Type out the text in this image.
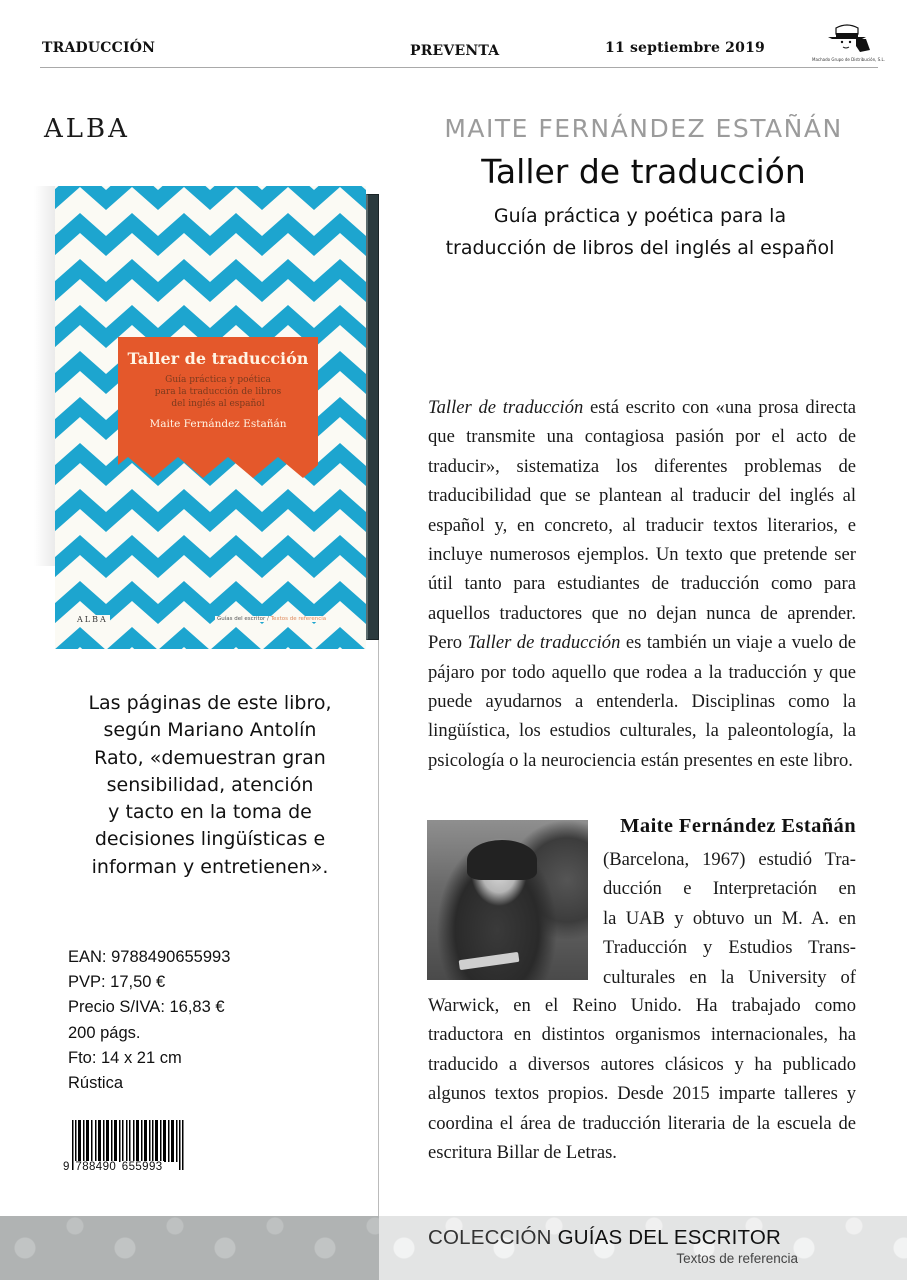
TRADUCCIÓN	PREVENTA	11 septiembre 2019
Machado Grupo de Distribución, S.L.
ALBA
Taller de traducción
Guía práctica y poética
para la traducción de libros
del inglés al español
Maite Fernández Estañán
ALBA	Guías del escritor / Textos de referencia
Las páginas de este libro,
según Mariano Antolín
Rato, «demuestran gran
sensibilidad, atención
y tacto en la toma de
decisiones lingüísticas e
informan y entretienen».
EAN: 9788490655993
PVP: 17,50 €
Precio S/IVA: 16,83 €
200 págs.
Fto: 14 x 21 cm
Rústica
9 788490 655993
MAITE FERNÁNDEZ ESTAÑÁN
Taller de traducción
Guía práctica y poética para la
traducción de libros del inglés al español
Taller de traducción está escrito con «una prosa directa que transmite una contagiosa pasión por el acto de traducir», sistematiza los diferentes problemas de traducibilidad que se plantean al traducir del inglés al español y, en concreto, al traducir textos literarios, e incluye numerosos ejemplos. Un texto que pretende ser útil tanto para estudiantes de traducción como para aquellos traductores que no dejan nunca de aprender. Pero Taller de traducción es también un viaje a vuelo de pájaro por todo aquello que rodea a la traducción y que puede ayudarnos a entenderla. Disciplinas como la lingüística, los estudios culturales, la paleontología, la psicología o la neurociencia están presentes en este libro.
Maite Fernández Estañán
(Barcelona, 1967) estudió Tra-
ducción e Interpretación en
la UAB y obtuvo un M. A. en
Traducción y Estudios Trans-
culturales en la University of
Warwick, en el Reino Unido. Ha trabajado como traductora en distintos organismos internacionales, ha traducido a diversos autores clásicos y ha publicado algunos textos propios. Desde 2015 imparte talleres y coordina el área de traducción literaria de la escuela de escritura Billar de Letras.
COLECCIÓN GUÍAS DEL ESCRITOR
Textos de referencia
